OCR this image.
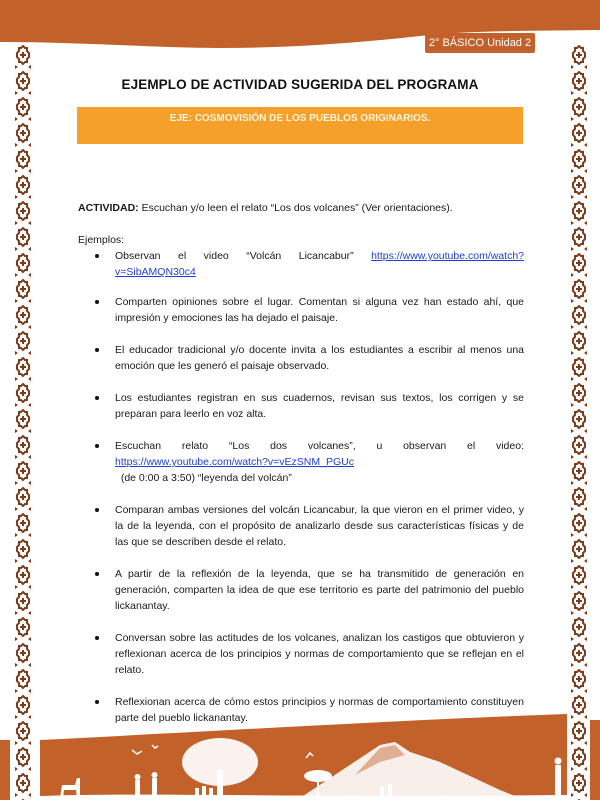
2° BÁSICO Unidad 2
EJEMPLO DE ACTIVIDAD SUGERIDA DEL PROGRAMA
EJE: COSMOVISIÓN DE LOS PUEBLOS ORIGINARIOS.

ACTIVIDAD: Escuchan y/o leen el relato “Los dos volcanes” (Ver orientaciones).

Ejemplos:

Observan el video “Volcán Licancabur” https://www.youtube.com/watch?v=SibAMQN30c4
Comparten opiniones sobre el lugar. Comentan si alguna vez han estado ahí, que impresión y emociones las ha dejado el paisaje.
El educador tradicional y/o docente invita a los estudiantes a escribir al menos una emoción que les generó el paisaje observado.
Los estudiantes registran en sus cuadernos, revisan sus textos, los corrigen y se preparan para leerlo en voz alta.
Escuchan relato “Los dos volcanes”, u observan el video:
https://www.youtube.com/watch?v=vEzSNM_PGUc  (de 0:00 a 3:50) “leyenda del volcán”
Comparan ambas versiones del volcán Licancabur, la que vieron en el primer video, y la de la leyenda, con el propósito de analizarlo desde sus características físicas y de las que se describen desde el relato.
A partir de la reflexión de la leyenda, que se ha transmitido de generación en generación, comparten la idea de que ese territorio es parte del patrimonio del pueblo lickanantay.
Conversan sobre las actitudes de los volcanes, analizan los castigos que obtuvieron y reflexionan acerca de los principios y normas de comportamiento que se reflejan en el relato.
Reflexionan acerca de cómo estos principios y normas de comportamiento constituyen parte del pueblo lickanantay.
